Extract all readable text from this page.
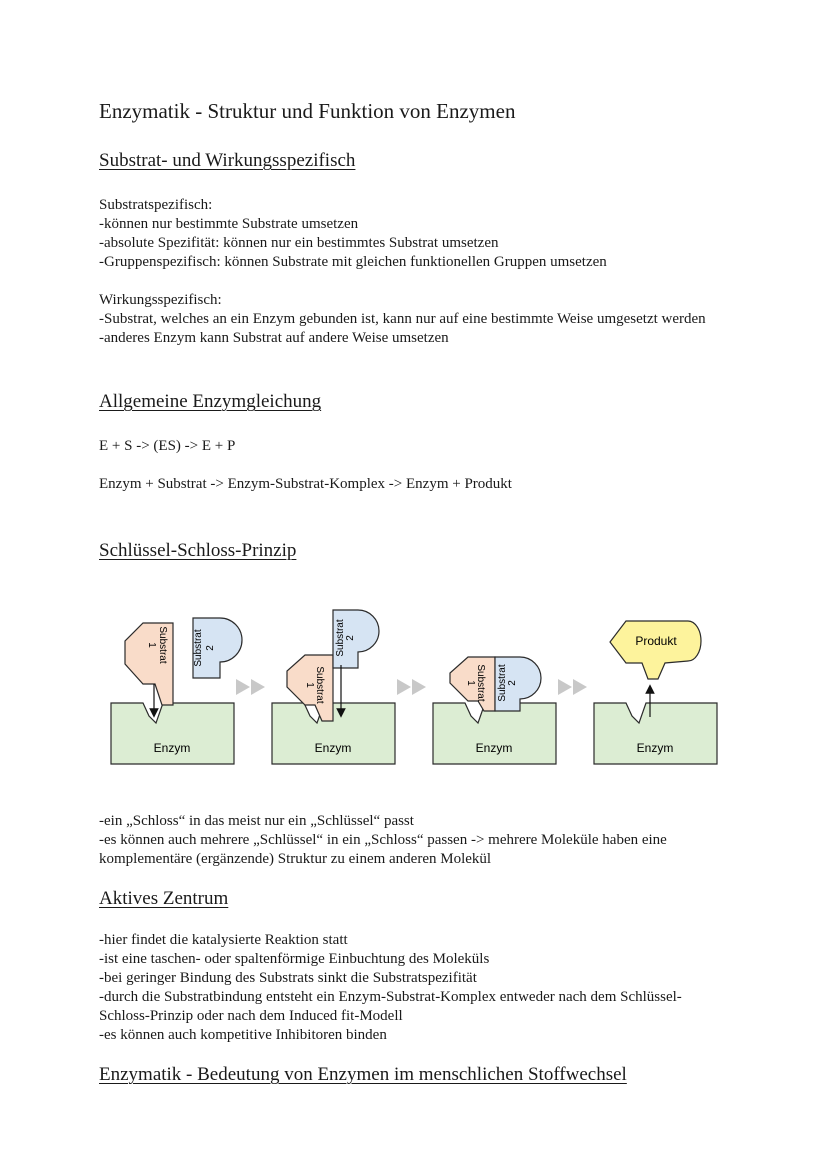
Enzymatik - Struktur und Funktion von Enzymen
Substrat- und Wirkungsspezifisch
Substratspezifisch:
-können nur bestimmte Substrate umsetzen
-absolute Spezifität: können nur ein bestimmtes Substrat umsetzen
-Gruppenspezifisch: können Substrate mit gleichen funktionellen Gruppen umsetzen
Wirkungsspezifisch:
-Substrat, welches an ein Enzym gebunden ist, kann nur auf eine bestimmte Weise umgesetzt werden
-anderes Enzym kann Substrat auf andere Weise umsetzen
Allgemeine Enzymgleichung
E + S -> (ES) -> E + P
Enzym + Substrat -> Enzym-Substrat-Komplex -> Enzym + Produkt
Schlüssel-Schloss-Prinzip
Enzym
Substrat
1	Substrat 2
Enzym
Substrat
1
Substrat 2
Enzym
Substrat
1 Substrat 2
Enzym
Produkt
-ein „Schloss“ in das meist nur ein „Schlüssel“ passt
-es können auch mehrere „Schlüssel“ in ein „Schloss“ passen -> mehrere Moleküle haben eine komplementäre (ergänzende) Struktur zu einem anderen Molekül
Aktives Zentrum
-hier findet die katalysierte Reaktion statt
-ist eine taschen- oder spaltenförmige Einbuchtung des Moleküls
-bei geringer Bindung des Substrats sinkt die Substratspezifität
-durch die Substratbindung entsteht ein Enzym-Substrat-Komplex entweder nach dem Schlüssel-Schloss-Prinzip oder nach dem Induced fit-Modell
-es können auch kompetitive Inhibitoren binden
Enzymatik - Bedeutung von Enzymen im menschlichen Stoffwechsel
